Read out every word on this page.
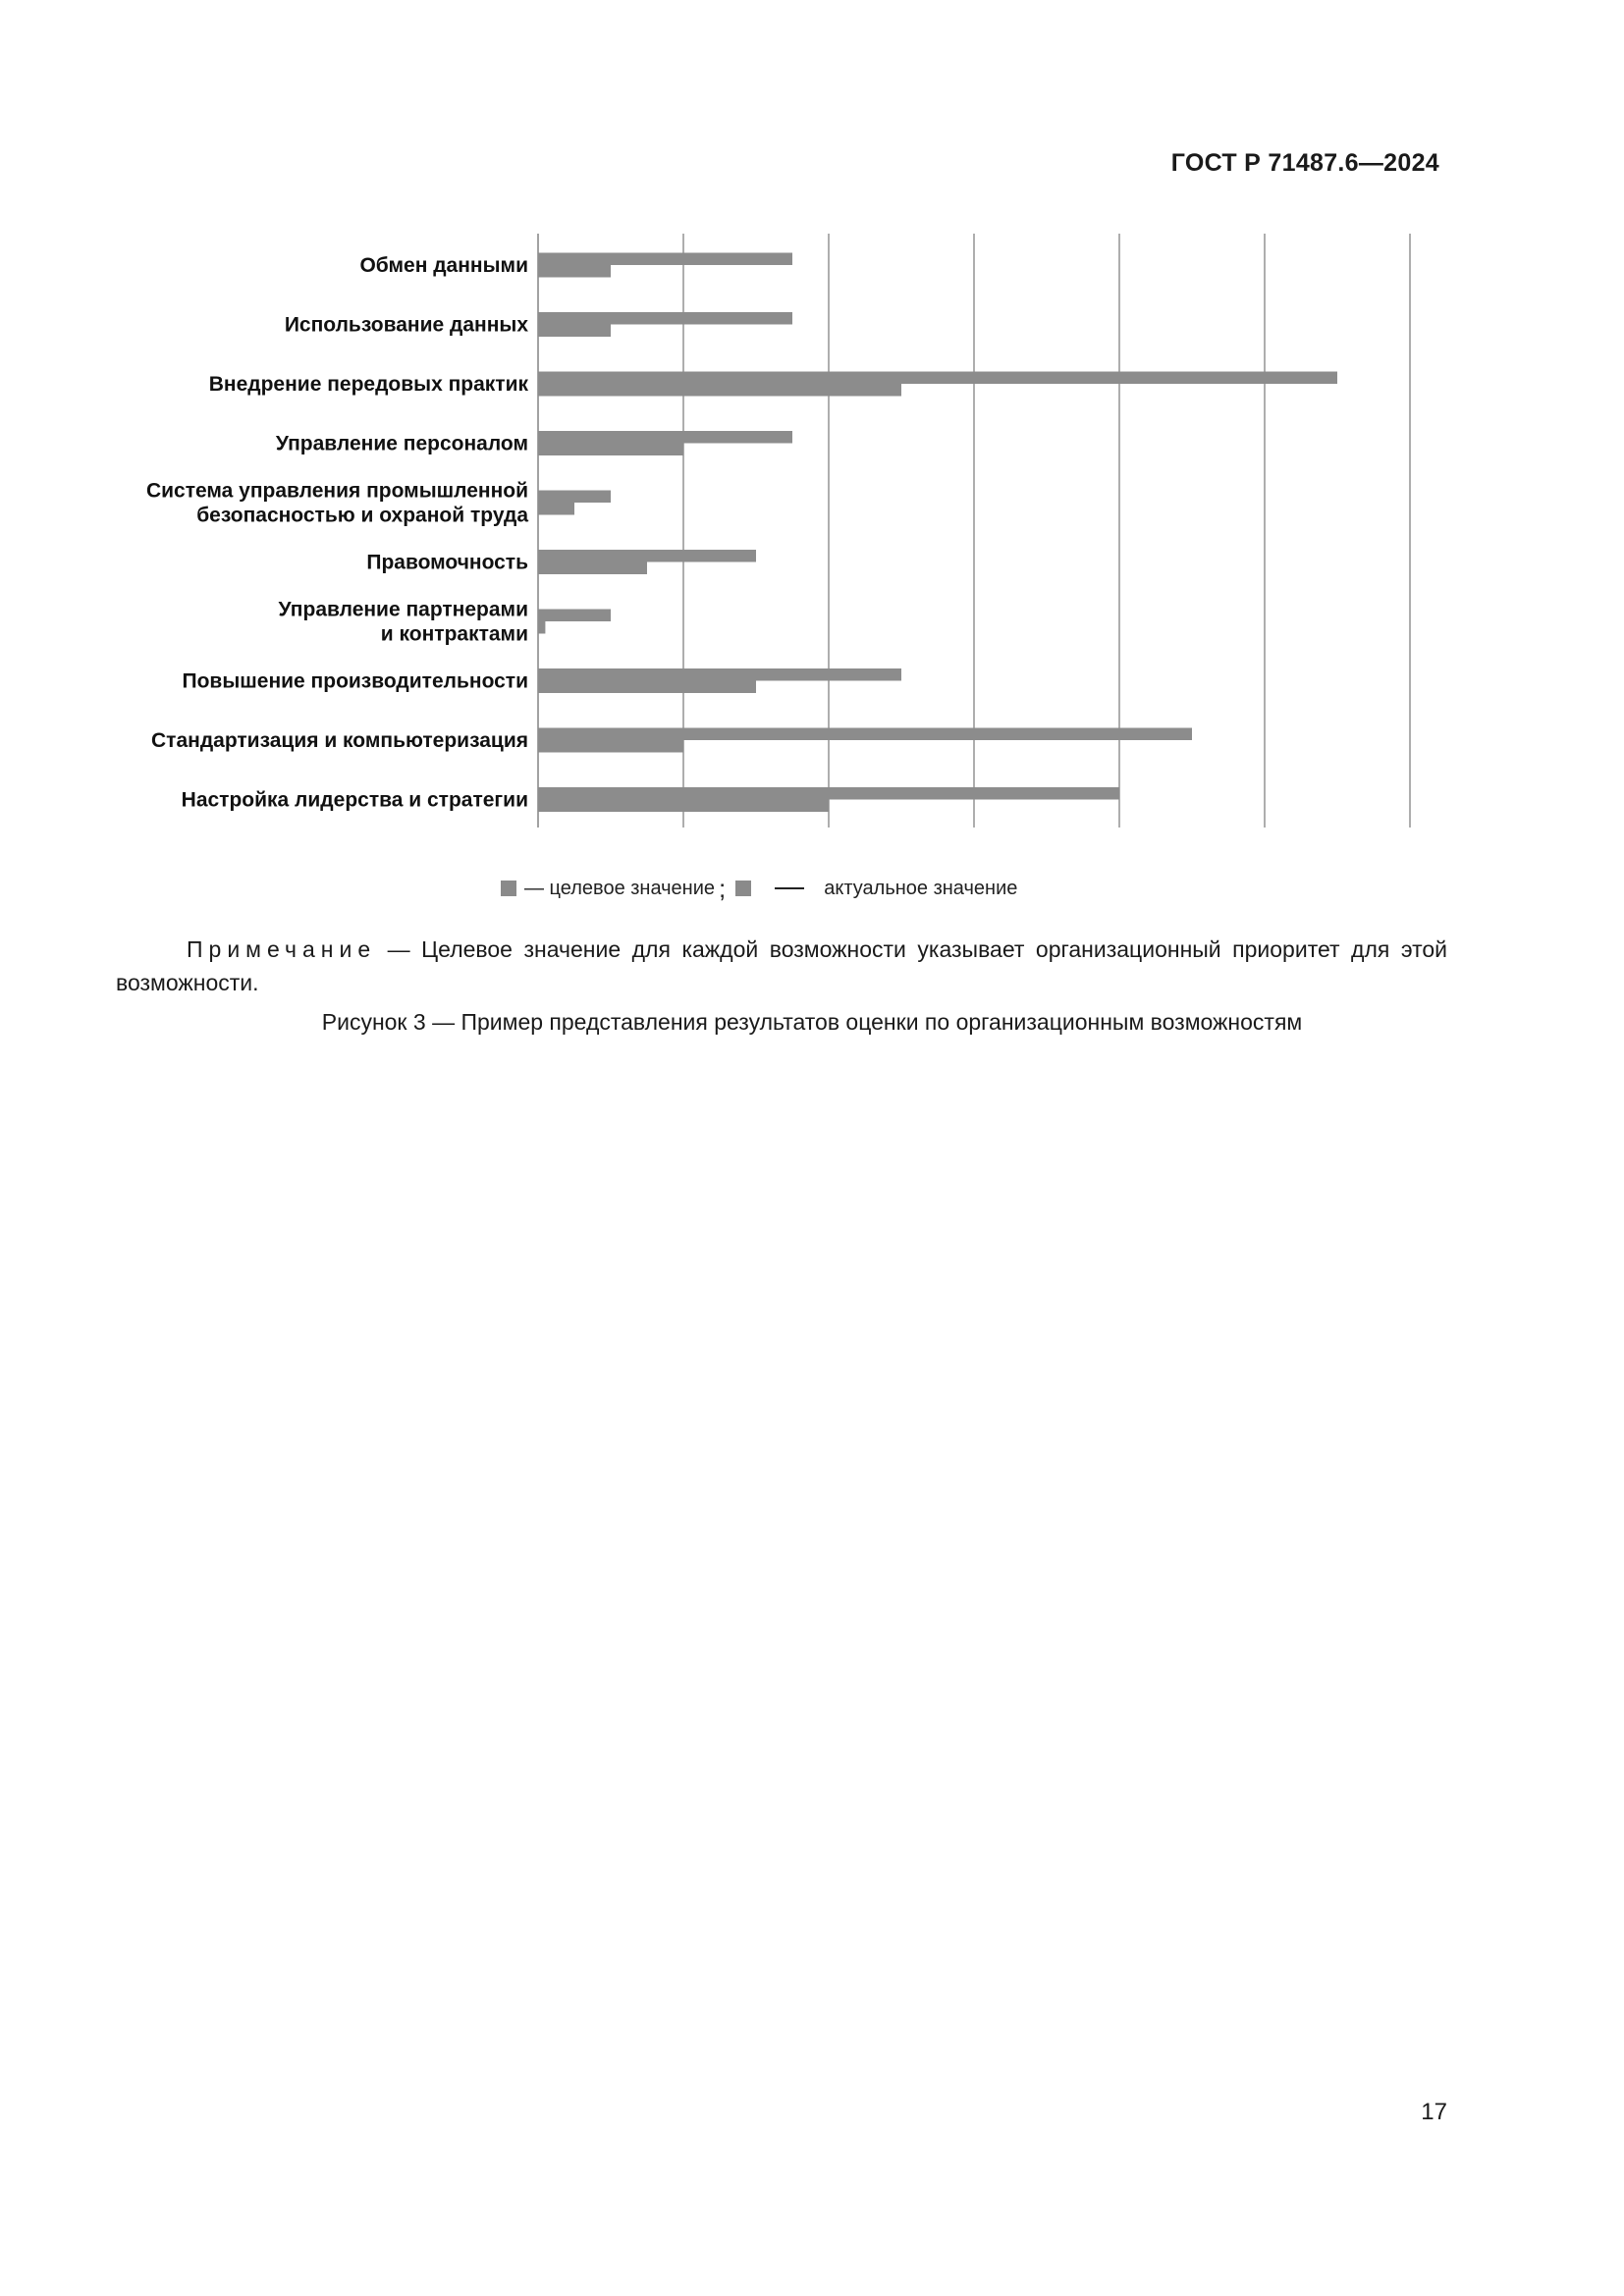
ГОСТ Р 71487.6—2024
Обмен данными
Использование данных
Внедрение передовых практик
Управление персоналом
Система управления промышленной безопасностью и охраной труда
Правомочность
Управление партнерами и контрактами
Повышение производительности
Стандартизация и компьютеризация
Настройка лидерства и стратегии
— целевое значение ;	актуальное значение
Примечание — Целевое значение для каждой возможности указывает организационный приоритет для этой возможности.
Рисунок 3 — Пример представления результатов оценки по организационным возможностям
17
